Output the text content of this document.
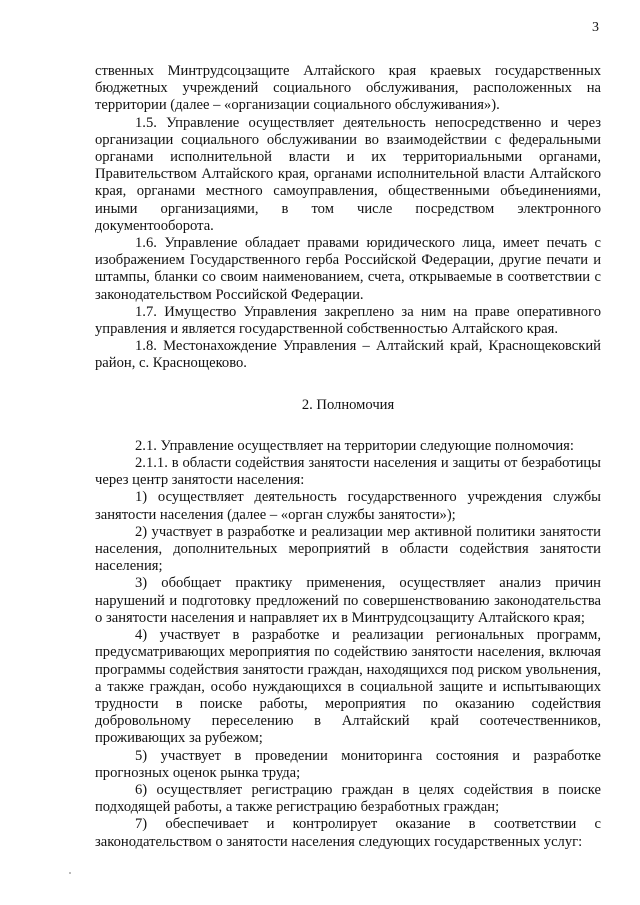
3

ственных Минтрудсоцзащите Алтайского края краевых государственных бюджетных учреждений социального обслуживания, расположенных на территории (далее – «организации социального обслуживания»).

1.5. Управление осуществляет деятельность непосредственно и через организации социального обслуживании во взаимодействии с федеральными органами исполнительной власти и их территориальными органами, Правительством Алтайского края, органами исполнительной власти Алтайского края, органами местного самоуправления, общественными объединениями, иными организациями, в том числе посредством электронного документооборота.

1.6. Управление обладает правами юридического лица, имеет печать с изображением Государственного герба Российской Федерации, другие печати и штампы, бланки со своим наименованием, счета, открываемые в соответствии с законодательством Российской Федерации.

1.7. Имущество Управления закреплено за ним на праве оперативного управления и является государственной собственностью Алтайского края.

1.8. Местонахождение Управления – Алтайский край, Краснощековский район, с. Краснощеково.

2. Полномочия

2.1. Управление осуществляет на территории следующие полномочия:

2.1.1. в области содействия занятости населения и защиты от безработицы через центр занятости населения:

1) осуществляет деятельность государственного учреждения службы занятости населения (далее – «орган службы занятости»);

2) участвует в разработке и реализации мер активной политики занятости населения, дополнительных мероприятий в области содействия занятости населения;

3) обобщает практику применения, осуществляет анализ причин нарушений и подготовку предложений по совершенствованию законодательства о занятости населения и направляет их в Минтрудсоцзащиту Алтайского края;

4) участвует в разработке и реализации региональных программ, предусматривающих мероприятия по содействию занятости населения, включая программы содействия занятости граждан, находящихся под риском увольнения, а также граждан, особо нуждающихся в социальной защите и испытывающих трудности в поиске работы, мероприятия по оказанию содействия добровольному переселению в Алтайский край соотечественников, проживающих за рубежом;

5) участвует в проведении мониторинга состояния и разработке прогнозных оценок рынка труда;

6) осуществляет регистрацию граждан в целях содействия в поиске подходящей работы, а также регистрацию безработных граждан;

7) обеспечивает и контролирует оказание в соответствии с законодательством о занятости населения следующих государственных услуг:
